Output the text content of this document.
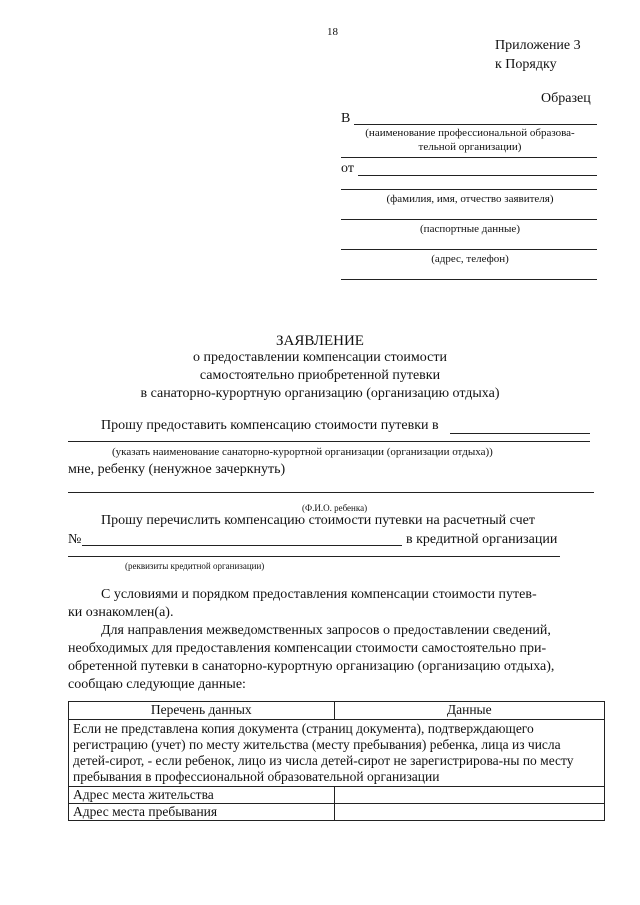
18
Приложение 3
к Порядку
Образец
В
(наименование профессиональной образова-
тельной организации)
от
(фамилия, имя, отчество заявителя)
(паспортные данные)
(адрес, телефон)
ЗАЯВЛЕНИЕ
о предоставлении компенсации стоимости
самостоятельно приобретенной путевки
в санаторно-курортную организацию (организацию отдыха)
Прошу предоставить компенсацию стоимости путевки в
(указать наименование санаторно-курортной организации (организации отдыха))
мне, ребенку (ненужное зачеркнуть)
(Ф.И.О. ребенка)
Прошу перечислить компенсацию стоимости путевки на расчетный счет
№	в кредитной организации
(реквизиты кредитной организации)
С условиями и порядком предоставления компенсации стоимости путев-
ки ознакомлен(а).
Для направления межведомственных запросов о предоставлении сведений,
необходимых для предоставления компенсации стоимости самостоятельно при-
обретенной путевки в санаторно-курортную организацию (организацию отдыха),
сообщаю следующие данные:
Перечень данных	Данные
Если не представлена копия документа (страниц документа), подтверждающего регистрацию (учет) по месту жительства (месту пребывания) ребенка, лица из числа детей-сирот, - если ребенок, лицо из числа детей-сирот не зарегистрирова-ны по месту пребывания в профессиональной образовательной организации	
Адрес места жительства	
Адрес места пребывания	
